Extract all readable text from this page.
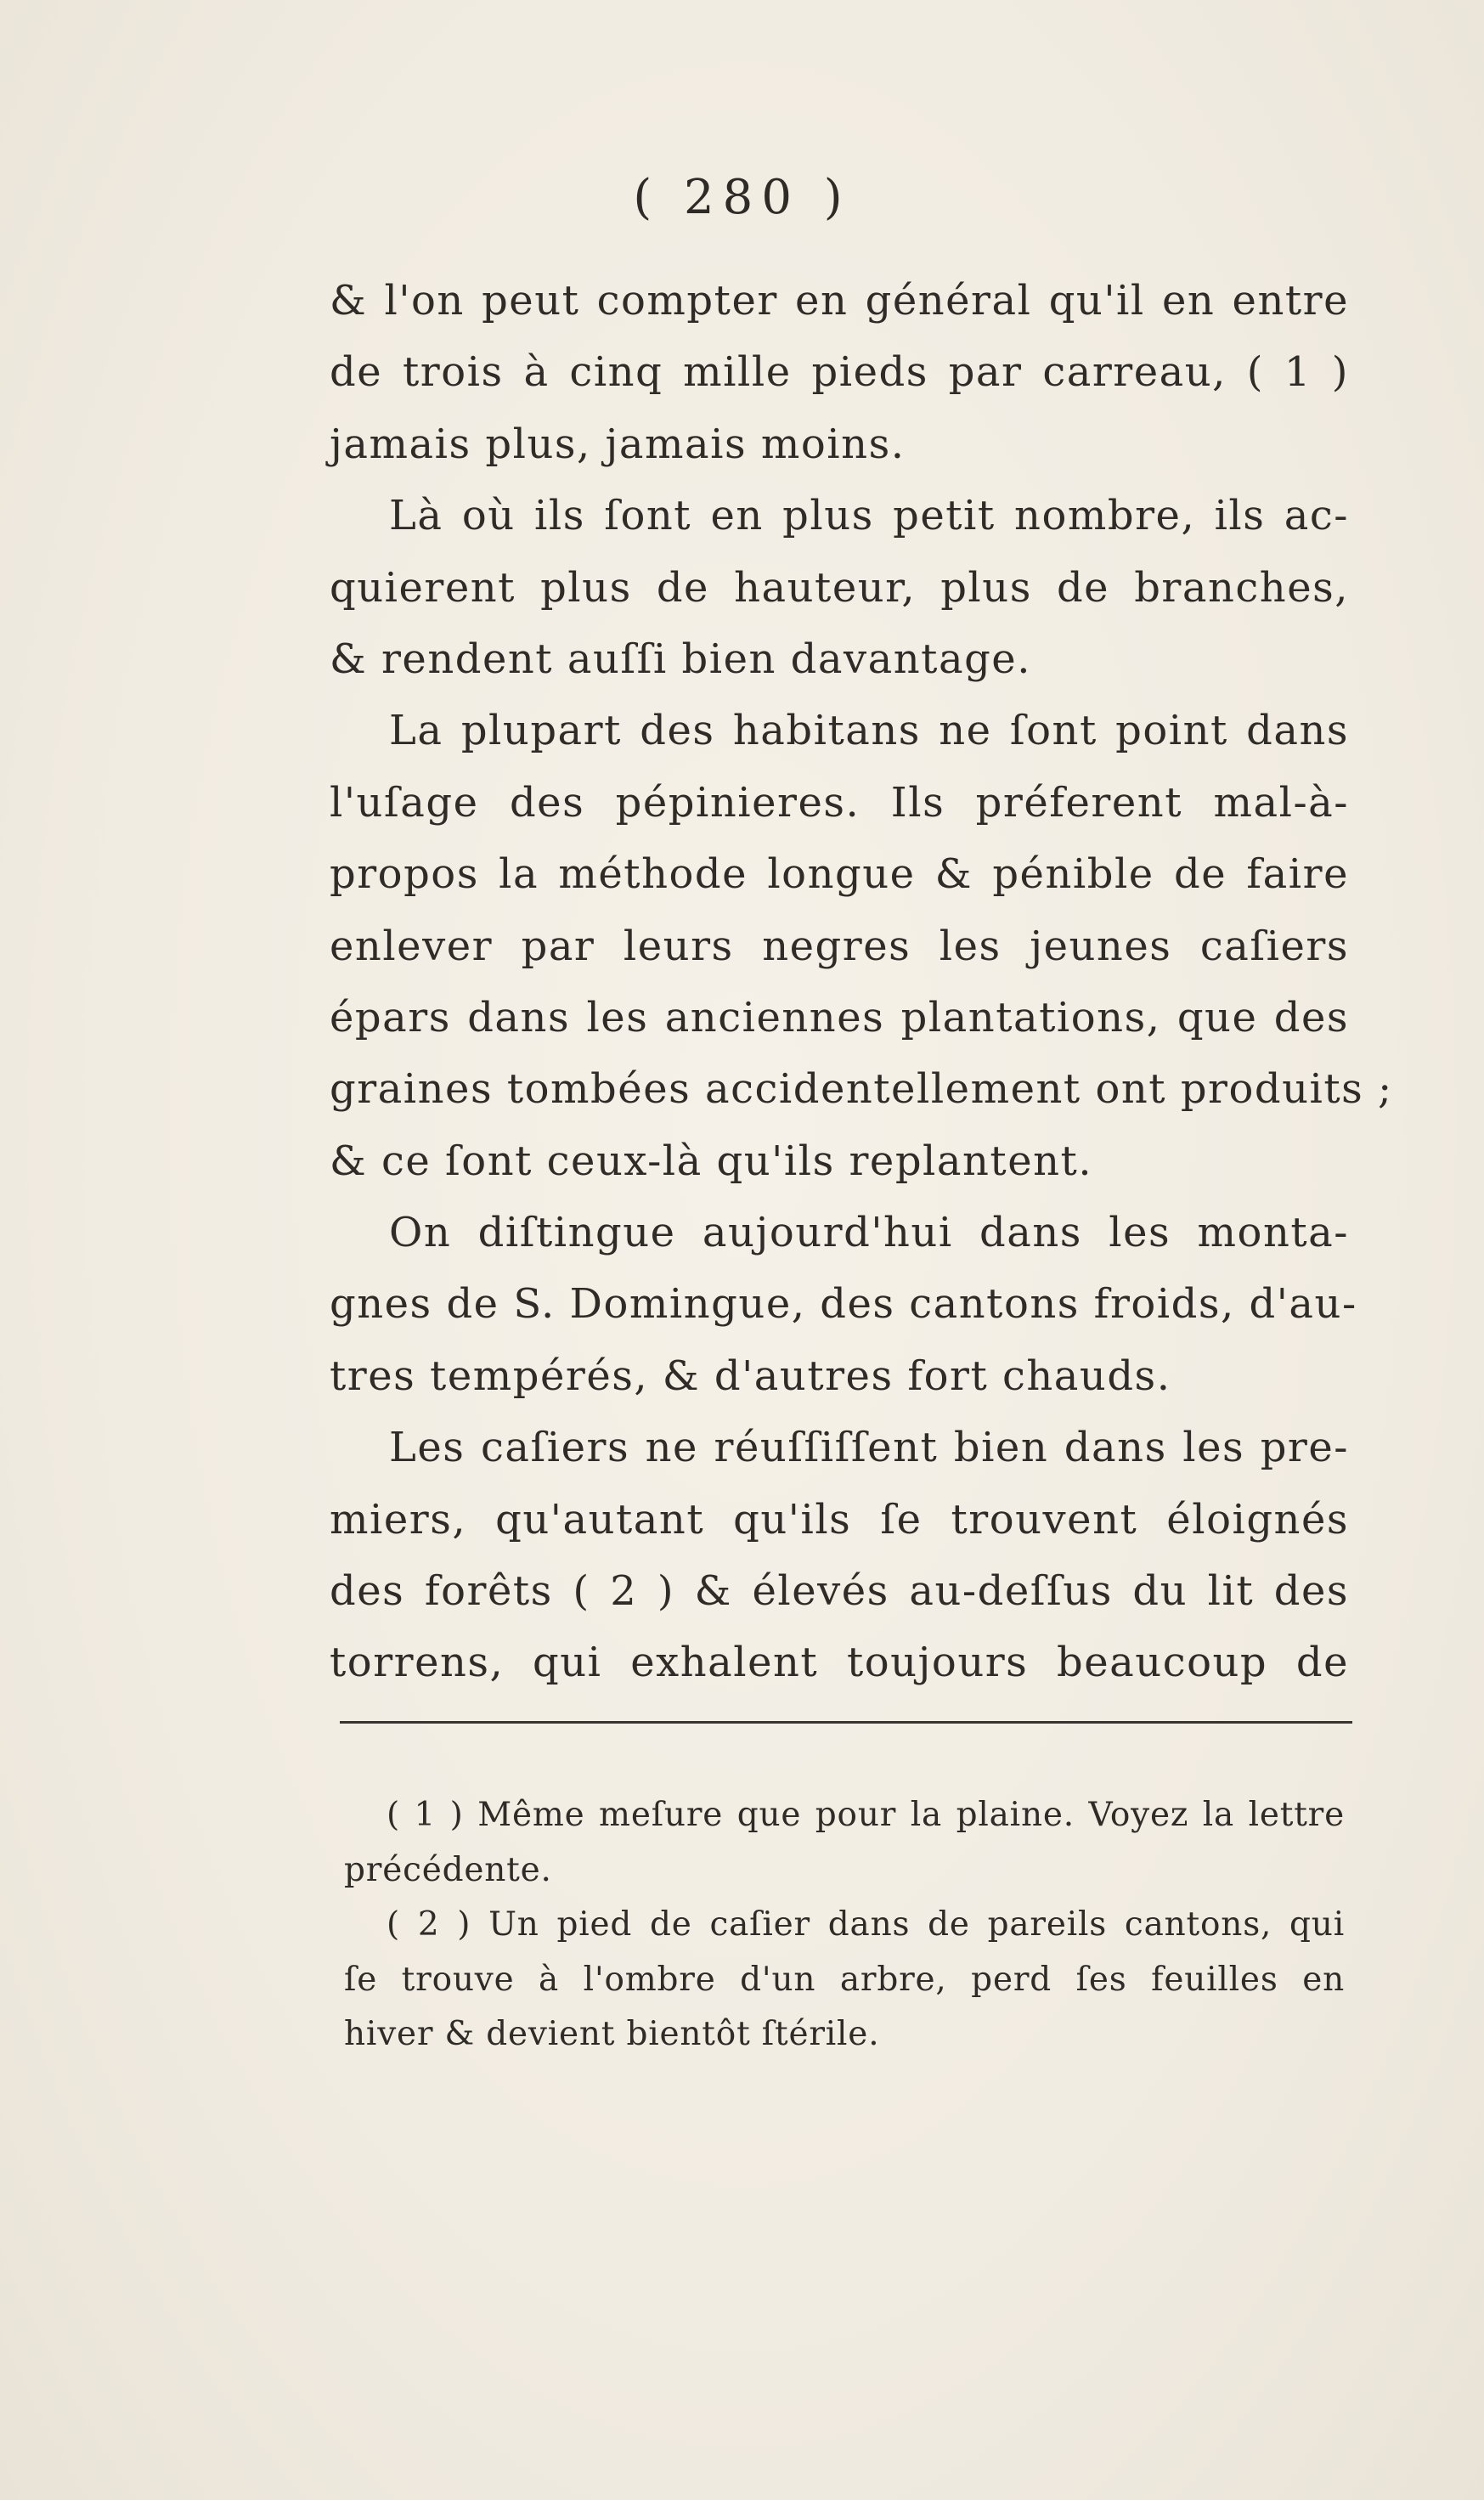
( 280 )
& l'on peut compter en général qu'il en entre
de trois à cinq mille pieds par carreau, ( 1 )
jamais plus, jamais moins.
Là où ils ſont en plus petit nombre, ils ac-
quierent plus de hauteur, plus de branches,
& rendent auſſi bien davantage.
La plupart des habitans ne ſont point dans
l'uſage des pépinieres. Ils préferent mal-à-
propos la méthode longue & pénible de faire
enlever par leurs negres les jeunes caſiers
épars dans les anciennes plantations, que des
graines tombées accidentellement ont produits ;
& ce ſont ceux-là qu'ils replantent.
On diſtingue aujourd'hui dans les monta-
gnes de S. Domingue, des cantons froids, d'au-
tres tempérés, & d'autres fort chauds.
Les caſiers ne réuſſiſſent bien dans les pre-
miers, qu'autant qu'ils ſe trouvent éloignés
des forêts ( 2 ) & élevés au-deſſus du lit des
torrens, qui exhalent toujours beaucoup de
( 1 ) Même meſure que pour la plaine. Voyez la lettre
précédente.
( 2 ) Un pied de caſier dans de pareils cantons, qui
ſe trouve à l'ombre d'un arbre, perd ſes feuilles en
hiver & devient bientôt ſtérile.
